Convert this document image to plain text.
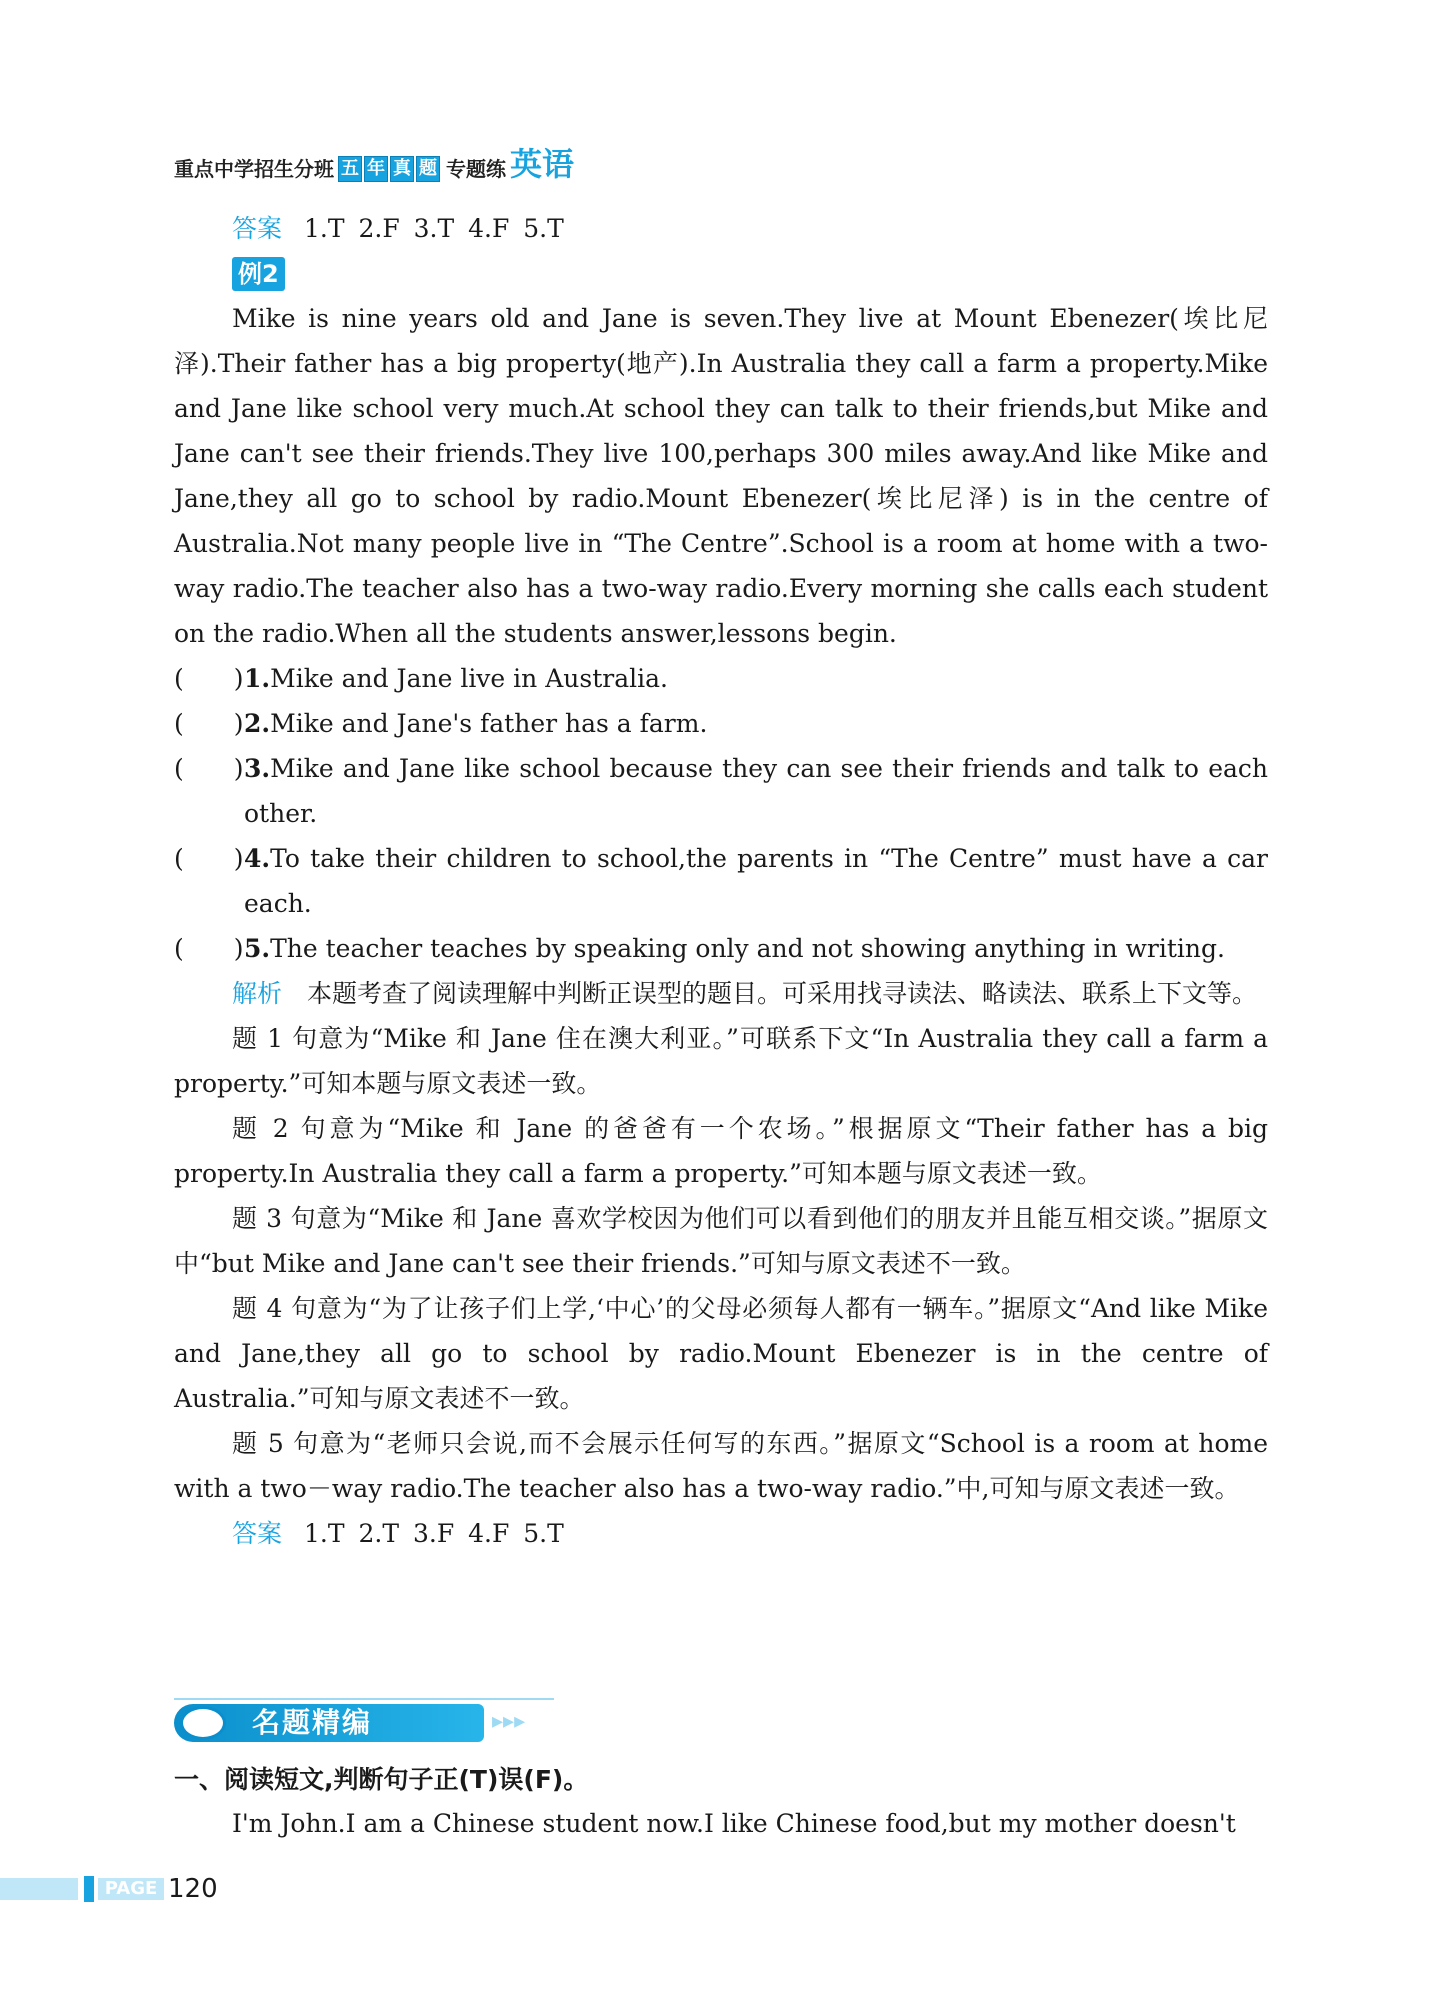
重点中学招生分班 五 年 真 题 专题练 英语

答案 1.T 2.F 3.T 4.F 5.T

例2

Mike is nine years old and Jane is seven.They live at Mount Ebenezer(埃比尼泽).Their father has a big property(地产).In Australia they call a farm a property.Mike and Jane like school very much.At school they can talk to their friends,but Mike and Jane can't see their friends.They live 100,perhaps 300 miles away.And like Mike and Jane,they all go to school by radio.Mount Ebenezer(埃比尼泽) is in the centre of Australia.Not many people live in “The Centre”.School is a room at home with a two-way radio.The teacher also has a two-way radio.Every morning she calls each student on the radio.When all the students answer,lessons begin.

(　　) 1.Mike and Jane live in Australia.
(　　) 2.Mike and Jane's father has a farm.
(　　) 3.Mike and Jane like school because they can see their friends and talk to each other.
(　　) 4.To take their children to school,the parents in “The Centre” must have a car each.
(　　) 5.The teacher teaches by speaking only and not showing anything in writing.

解析　 本题考查了阅读理解中判断正误型的题目。可采用找寻读法、略读法、联系上下文等。

题 1 句意为“Mike 和 Jane 住在澳大利亚。”可联系下文“In Australia they call a farm a property.”可知本题与原文表述一致。

题 2 句意为“Mike 和 Jane 的爸爸有一个农场。”根据原文“Their father has a big property.In Australia they call a farm a property.”可知本题与原文表述一致。

题 3 句意为“Mike 和 Jane 喜欢学校因为他们可以看到他们的朋友并且能互相交谈。”据原文中“but Mike and Jane can't see their friends.”可知与原文表述不一致。

题 4 句意为“为了让孩子们上学,‘中心’的父母必须每人都有一辆车。”据原文“And like Mike and Jane,they all go to school by radio.Mount Ebenezer is in the centre of Australia.”可知与原文表述不一致。

题 5 句意为“老师只会说,而不会展示任何写的东西。”据原文“School is a room at home with a two－way radio.The teacher also has a two-way radio.”中,可知与原文表述一致。

答案 1.T 2.T 3.F 4.F 5.T

名题精编	▸▸▸
一、阅读短文,判断句子正(T)误(F)。
I'm John.I am a Chinese student now.I like Chinese food,but my mother doesn't
PAGE 120
